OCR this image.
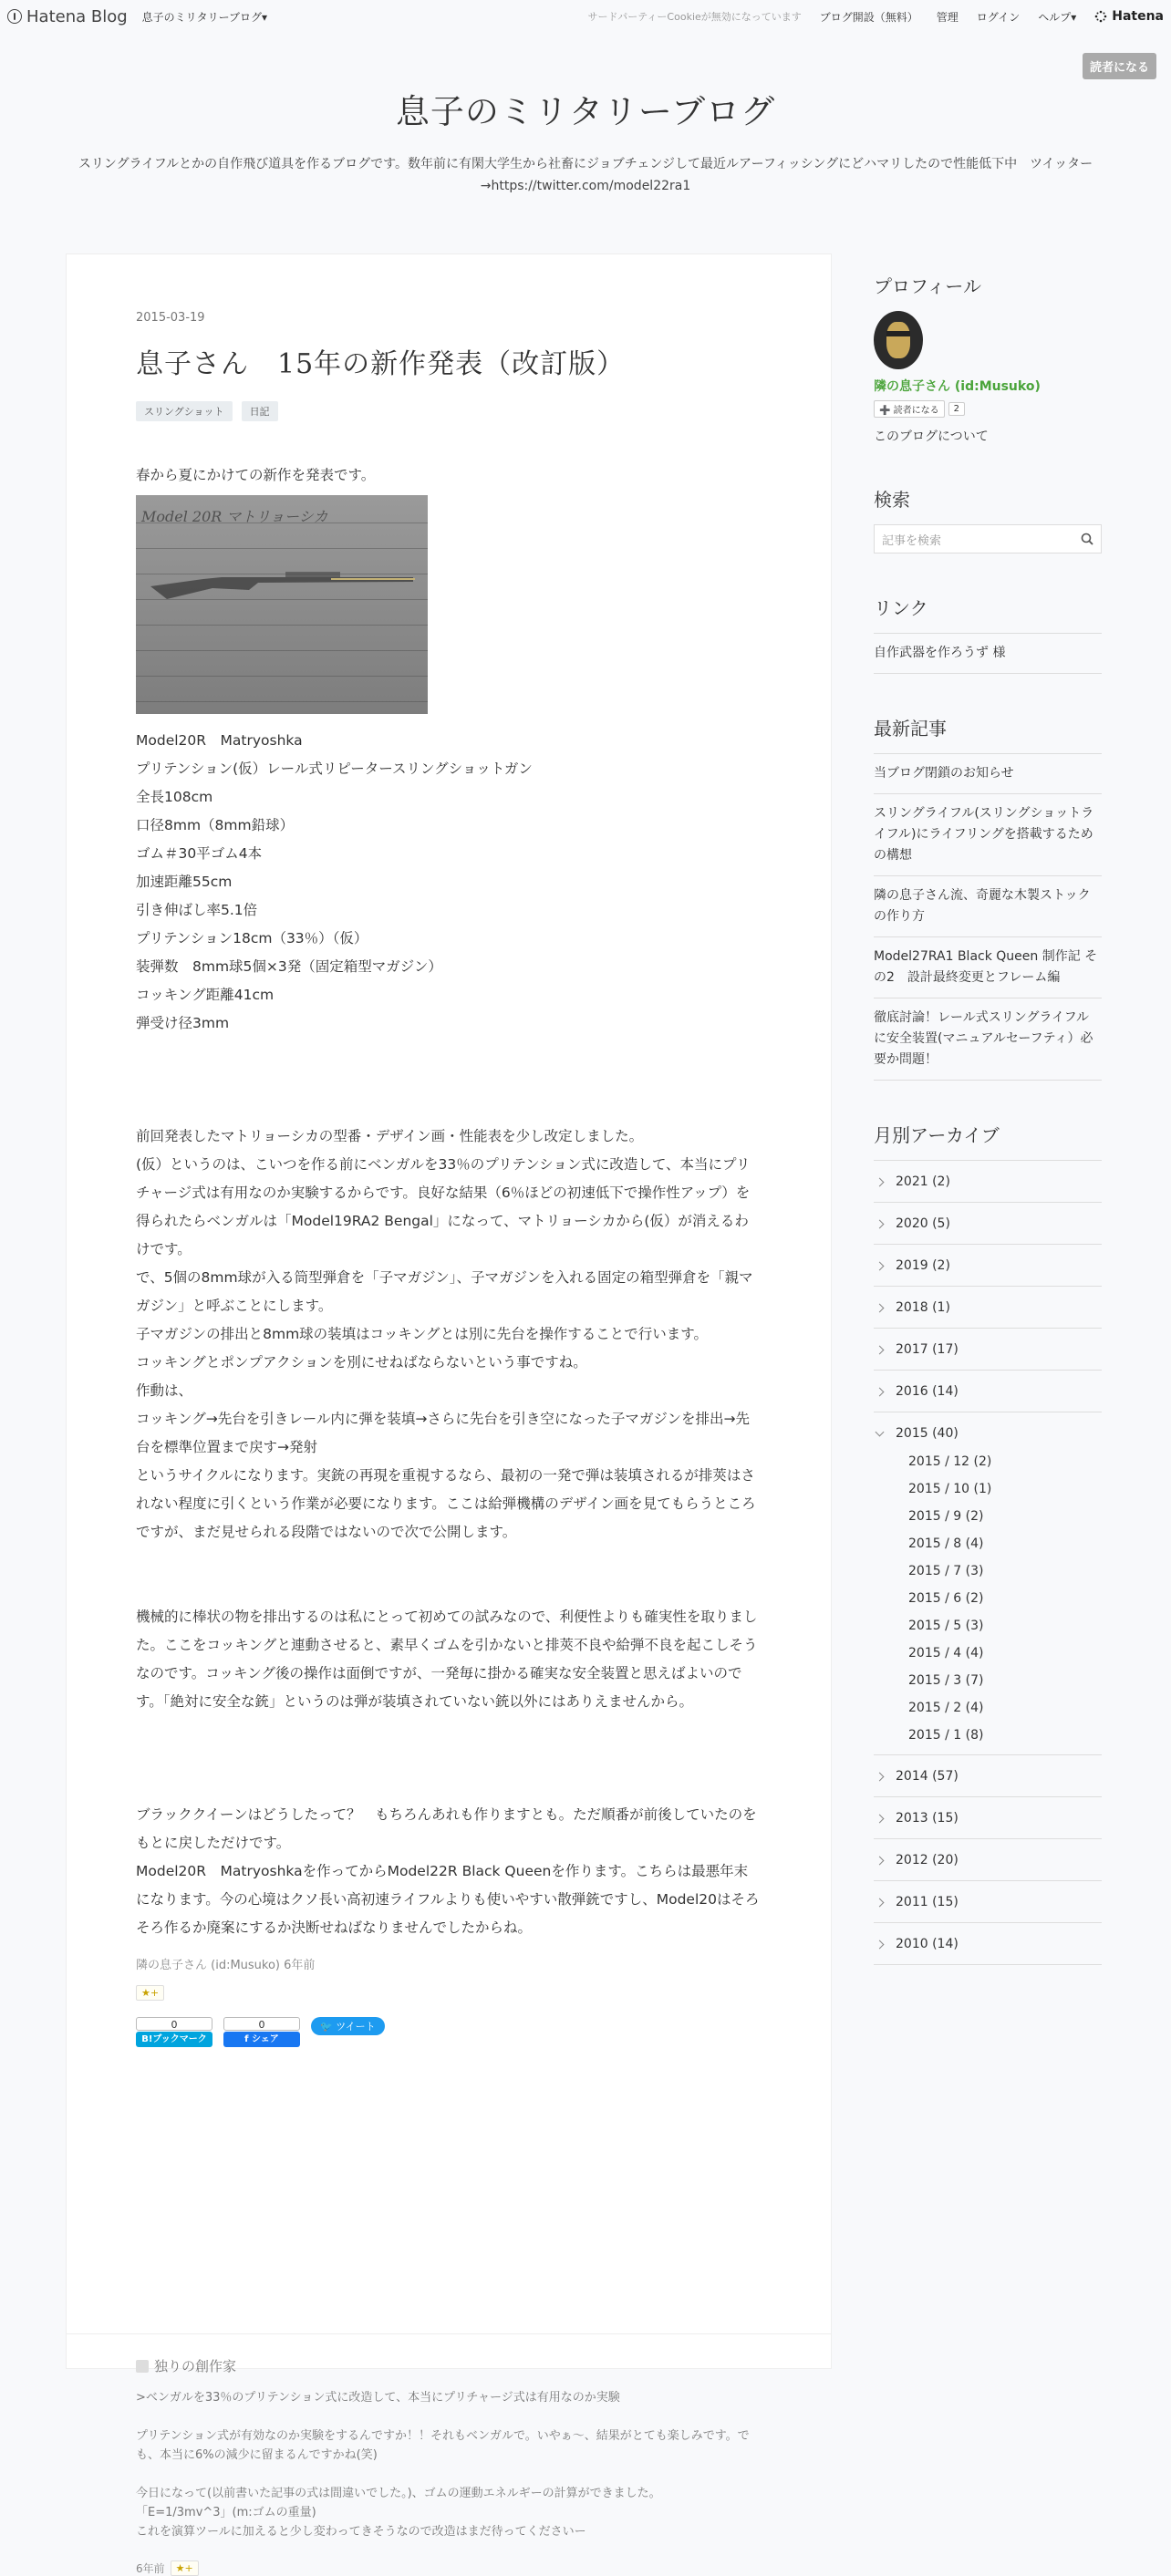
Hatena Blog 息子のミリタリーブログ▾	サードパーティーCookieが無効になっています ブログ開設（無料） 管理 ログイン ヘルプ▾	Hatena
読者になる
息子のミリタリーブログ
スリングライフルとかの自作飛び道具を作るブログです。数年前に有閑大学生から社畜にジョブチェンジして最近ルアーフィッシングにどハマリしたので性能低下中　ツイッター→https://twitter.com/model22ra1
2015-03-19
息子さん　15年の新作発表（改訂版）
スリングショット	日記

春から夏にかけての新作を発表です。

Model 20R マトリョーシカ

Model20R　Matryoshka

プリテンション(仮）レール式リピータースリングショットガン

全長108cm

口径8mm（8mm鉛球）

ゴム＃30平ゴム4本

加速距離55cm

引き伸ばし率5.1倍

プリテンション18cm（33％）（仮）

装弾数　8mm球5個×3発（固定箱型マガジン）

コッキング距離41cm

弾受け径3mm

前回発表したマトリョーシカの型番・デザイン画・性能表を少し改定しました。

(仮）というのは、こいつを作る前にベンガルを33％のプリテンション式に改造して、本当にプリチャージ式は有用なのか実験するからです。良好な結果（6％ほどの初速低下で操作性アップ）を得られたらベンガルは「Model19RA2 Bengal」になって、マトリョーシカから(仮）が消えるわけです。

で、5個の8mm球が入る筒型弾倉を「子マガジン」、子マガジンを入れる固定の箱型弾倉を「親マガジン」と呼ぶことにします。

子マガジンの排出と8mm球の装填はコッキングとは別に先台を操作することで行います。

コッキングとポンプアクションを別にせねばならないという事ですね。

作動は、

コッキング→先台を引きレール内に弾を装填→さらに先台を引き空になった子マガジンを排出→先台を標準位置まで戻す→発射

というサイクルになります。実銃の再現を重視するなら、最初の一発で弾は装填されるが排莢はされない程度に引くという作業が必要になります。ここは給弾機構のデザイン画を見てもらうところですが、まだ見せられる段階ではないので次で公開します。

機械的に棒状の物を排出するのは私にとって初めての試みなので、利便性よりも確実性を取りました。ここをコッキングと連動させると、素早くゴムを引かないと排莢不良や給弾不良を起こしそうなのです。コッキング後の操作は面倒ですが、一発毎に掛かる確実な安全装置と思えばよいのです。「絶対に安全な銃」というのは弾が装填されていない銃以外にはありえませんから。

ブラッククイーンはどうしたって？　もちろんあれも作りますとも。ただ順番が前後していたのをもとに戻しただけです。

Model20R　Matryoshkaを作ってからModel22R Black Queenを作ります。こちらは最悪年末になります。今の心境はクソ長い高初速ライフルよりも使いやすい散弾銃ですし、Model20はそろそろ作るか廃案にするか決断せねばなりませんでしたからね。

隣の息子さん (id:Musuko) 6年前
★+
0
B!ブックマーク
0
f シェア
🐦 ツイート
独りの創作家

>ベンガルを33％のプリテンション式に改造して、本当にプリチャージ式は有用なのか実験

プリテンション式が有効なのか実験をするんですか！！それもベンガルで。いやぁ〜、結果がとても楽しみです。でも、本当に6%の減少に留まるんですかね(笑)

今日になって(以前書いた記事の式は間違いでした。)、ゴムの運動エネルギーの計算ができました。
「E=1/3mv^3」(m:ゴムの重量)
これを演算ツールに加えると少し変わってきそうなので改造はまだ待ってくださいー

6年前	★+
プロフィール
隣の息子さん (id:Musuko)
➕ 読者になる	2
このブログについて
検索
記事を検索
リンク
自作武器を作ろうず 様
最新記事
当ブログ閉鎖のお知らせ
スリングライフル(スリングショットライフル)にライフリングを搭載するための構想
隣の息子さん流、奇麗な木製ストックの作り方
Model27RA1 Black Queen 制作記 その2　設計最終変更とフレーム編
徹底討論！レール式スリングライフルに安全装置(マニュアルセーフティ）必要か問題！
月別アーカイブ
2021 (2)
2020 (5)
2019 (2)
2018 (1)
2017 (17)
2016 (14)
2015 (40)
2015 / 12 (2)
2015 / 10 (1)
2015 / 9 (2)
2015 / 8 (4)
2015 / 7 (3)
2015 / 6 (2)
2015 / 5 (3)
2015 / 4 (4)
2015 / 3 (7)
2015 / 2 (4)
2015 / 1 (8)
2014 (57)
2013 (15)
2012 (20)
2011 (15)
2010 (14)
